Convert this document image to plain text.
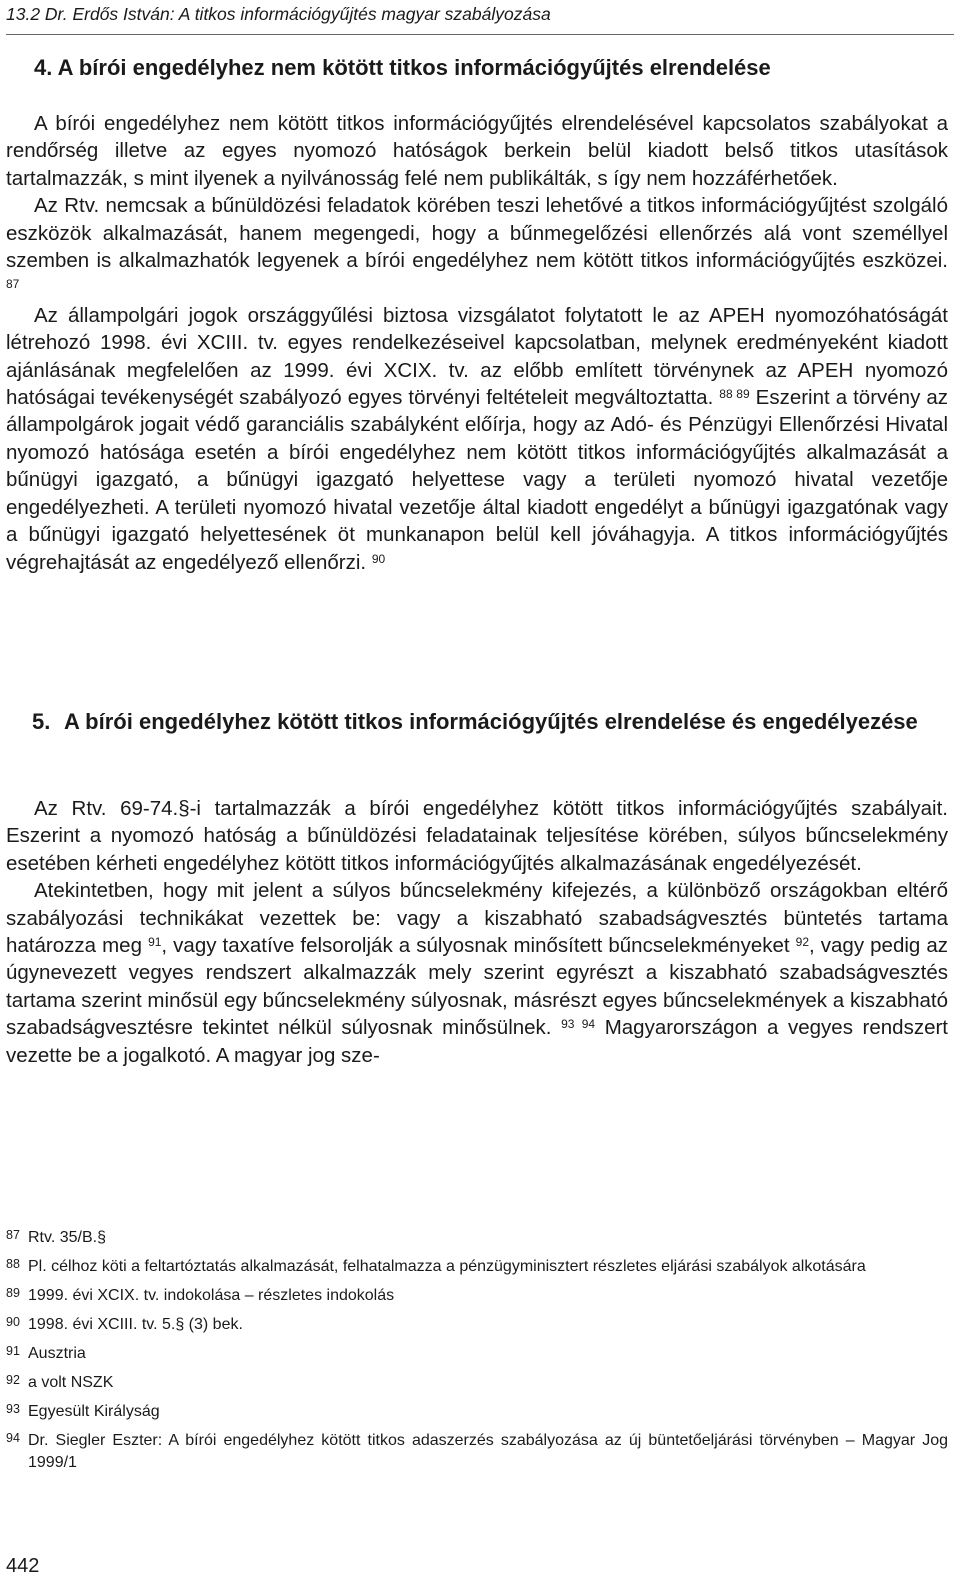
13.2 Dr. Erdős István: A titkos információgyűjtés magyar szabályozása
4. A bírói engedélyhez nem kötött titkos információgyűjtés elrendelése

A bírói engedélyhez nem kötött titkos információgyűjtés elrendelésével kapcsolatos szabályokat a rendőrség illetve az egyes nyomozó hatóságok berkein belül kiadott belső titkos utasítások tartalmazzák, s mint ilyenek a nyilvánosság felé nem publikálták, s így nem hozzáférhetőek.

Az Rtv. nemcsak a bűnüldözési feladatok körében teszi lehetővé a titkos információgyűjtést szolgáló eszközök alkalmazását, hanem megengedi, hogy a bűnmegelőzési ellenőrzés alá vont személlyel szemben is alkalmazhatók legyenek a bírói engedélyhez nem kötött titkos információgyűjtés eszközei. $^{87}$

Az állampolgári jogok országgyűlési biztosa vizsgálatot folytatott le az APEH nyomozóhatóságát létrehozó 1998. évi XCIII. tv. egyes rendelkezéseivel kapcsolatban, melynek eredményeként kiadott ajánlásának megfelelően az 1999. évi XCIX. tv. az előbb említett törvénynek az APEH nyomozó hatóságai tevékenységét szabályozó egyes törvényi feltételeit megváltoztatta. $^{88 89}$ Eszerint a törvény az állampolgárok jogait védő garanciális szabályként előírja, hogy az Adó- és Pénzügyi Ellenőrzési Hivatal nyomozó hatósága esetén a bírói engedélyhez nem kötött titkos információgyűjtés alkalmazását a bűnügyi igazgató, a bűnügyi igazgató helyettese vagy a területi nyomozó hivatal vezetője engedélyezheti. A területi nyomozó hivatal vezetője által kiadott engedélyt a bűnügyi igazgatónak vagy a bűnügyi igazgató helyettesének öt munkanapon belül kell jóváhagyja. A titkos információgyűjtés végrehajtását az engedélyező ellenőrzi. $^{90}$

5. A bírói engedélyhez kötött titkos információgyűjtés elrendelése és engedélyezése

Az Rtv. 69-74.§-i tartalmazzák a bírói engedélyhez kötött titkos információgyűjtés szabályait. Eszerint a nyomozó hatóság a bűnüldözési feladatainak teljesítése körében, súlyos bűncselekmény esetében kérheti engedélyhez kötött titkos információgyűjtés alkalmazásának engedélyezését.

Atekintetben, hogy mit jelent a súlyos bűncselekmény kifejezés, a különböző országokban eltérő szabályozási technikákat vezettek be: vagy a kiszabható szabadságvesztés büntetés tartama határozza meg $^{91}$, vagy taxatíve felsorolják a súlyosnak minősített bűncselekményeket $^{92}$, vagy pedig az úgynevezett vegyes rendszert alkalmazzák mely szerint egyrészt a kiszabható szabadságvesztés tartama szerint minősül egy bűncselekmény súlyosnak, másrészt egyes bűncselekmények a kiszabható szabadságvesztésre tekintet nélkül súlyosnak minősülnek. $^{93 94}$ Magyarországon a vegyes rendszert vezette be a jogalkotó. A magyar jog sze-

87 Rtv. 35/B.§
88 Pl. célhoz köti a feltartóztatás alkalmazását, felhatalmazza a pénzügyminisztert részletes eljárási szabályok alkotására
89 1999. évi XCIX. tv. indokolása – részletes indokolás
90 1998. évi XCIII. tv. 5.§ (3) bek.
91 Ausztria
92 a volt NSZK
93 Egyesült Királyság
94 Dr. Siegler Eszter: A bírói engedélyhez kötött titkos adaszerzés szabályozása az új büntetőeljárási törvényben – Magyar Jog 1999/1
442
